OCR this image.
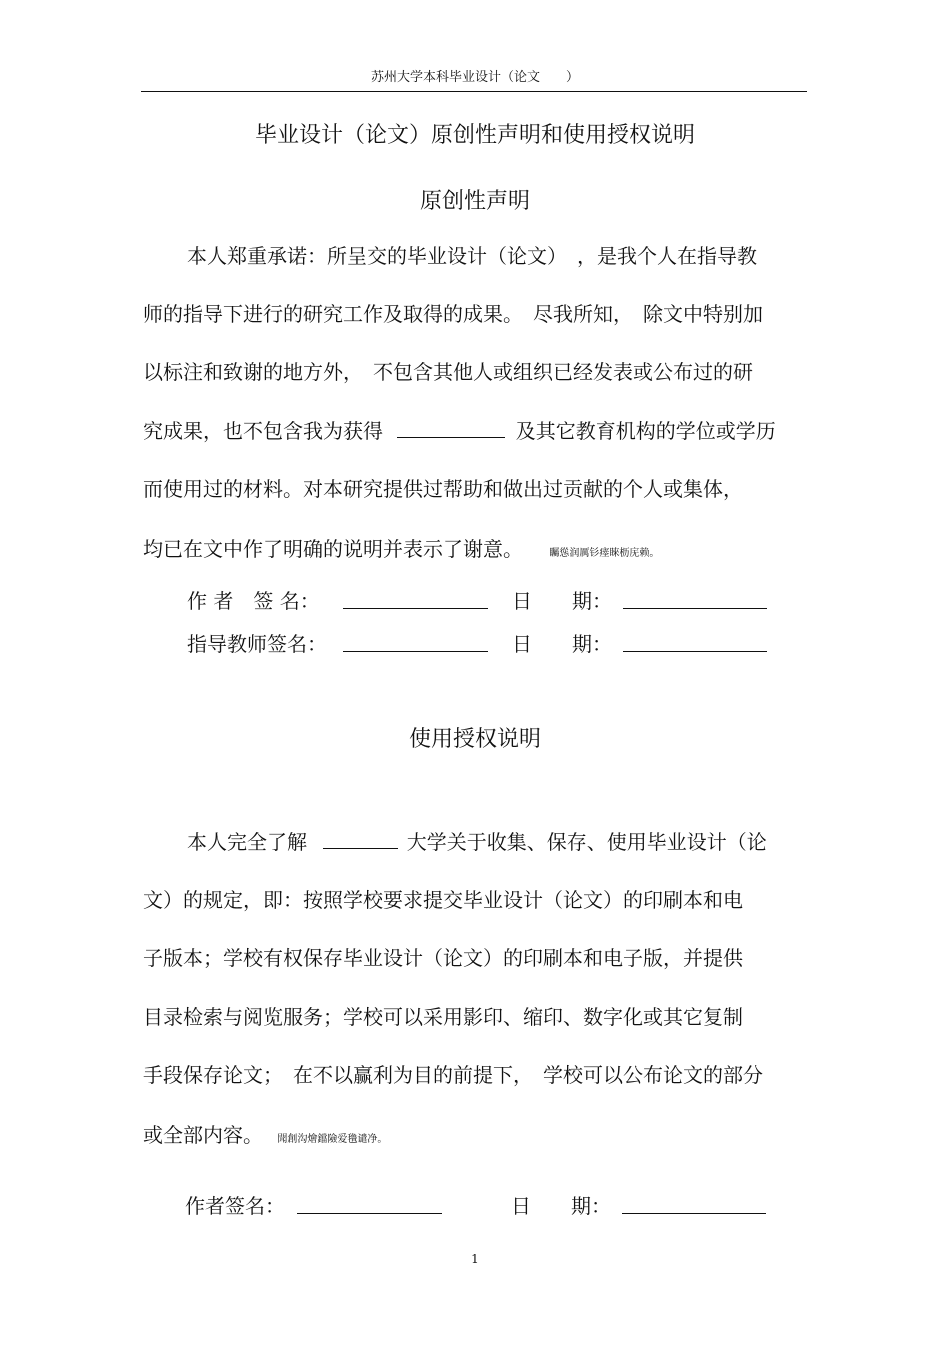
苏州大学本科毕业设计（论文　　）
毕业设计（论文）原创性声明和使用授权说明
原创性声明
本人郑重承诺：所呈交的毕业设计（论文）　，是我个人在指导教
师的指导下进行的研究工作及取得的成果。　尽我所知，　除文中特别加
以标注和致谢的地方外，　不包含其他人或组织已经发表或公布过的研
究成果，也不包含我为获得	及其它教育机构的学位或学历
而使用过的材料。对本研究提供过帮助和做出过贡献的个人或集体，
均已在文中作了明确的说明并表示了谢意。	矚慫润厲钐瘗睞枥庑赖。
作 者　签 名：	日　　期：
指导教师签名：	日　　期：
使用授权说明
本人完全了解	大学关于收集、保存、使用毕业设计（论
文）的规定，即：按照学校要求提交毕业设计（论文）的印刷本和电
子版本；学校有权保存毕业设计（论文）的印刷本和电子版，并提供
目录检索与阅览服务；学校可以采用影印、缩印、数字化或其它复制
手段保存论文；　在不以赢利为目的前提下，　学校可以公布论文的部分
或全部内容。 聞創沟燴鐺險爱氇谴净。
作者签名：	日　　期：
1
